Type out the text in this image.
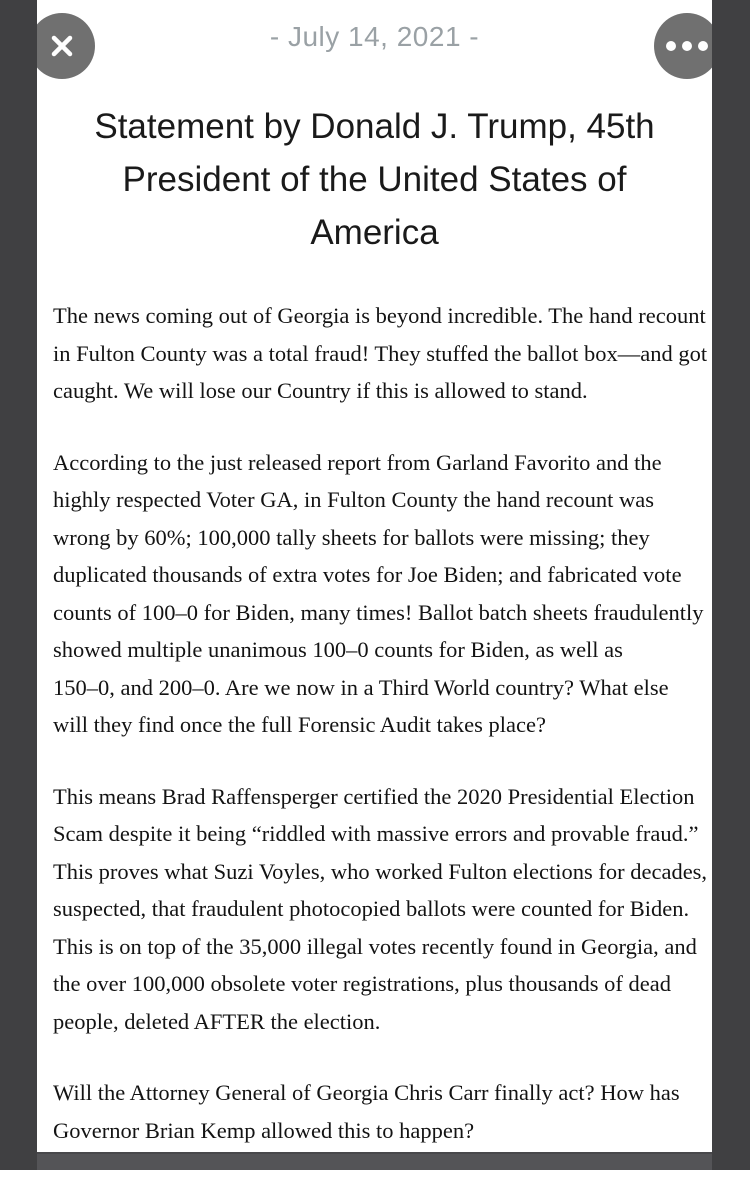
- July 14, 2021 -
Statement by Donald J. Trump, 45th
President of the United States of
America
The news coming out of Georgia is beyond incredible. The hand recount
in Fulton County was a total fraud! They stuffed the ballot box—and got
caught. We will lose our Country if this is allowed to stand.
According to the just released report from Garland Favorito and the
highly respected Voter GA, in Fulton County the hand recount was
wrong by 60%; 100,000 tally sheets for ballots were missing; they
duplicated thousands of extra votes for Joe Biden; and fabricated vote
counts of 100–0 for Biden, many times! Ballot batch sheets fraudulently
showed multiple unanimous 100–0 counts for Biden, as well as
150–0, and 200–0. Are we now in a Third World country? What else
will they find once the full Forensic Audit takes place?
This means Brad Raffensperger certified the 2020 Presidential Election
Scam despite it being “riddled with massive errors and provable fraud.”
This proves what Suzi Voyles, who worked Fulton elections for decades,
suspected, that fraudulent photocopied ballots were counted for Biden.
This is on top of the 35,000 illegal votes recently found in Georgia, and
the over 100,000 obsolete voter registrations, plus thousands of dead
people, deleted AFTER the election.
Will the Attorney General of Georgia Chris Carr finally act? How has
Governor Brian Kemp allowed this to happen?
